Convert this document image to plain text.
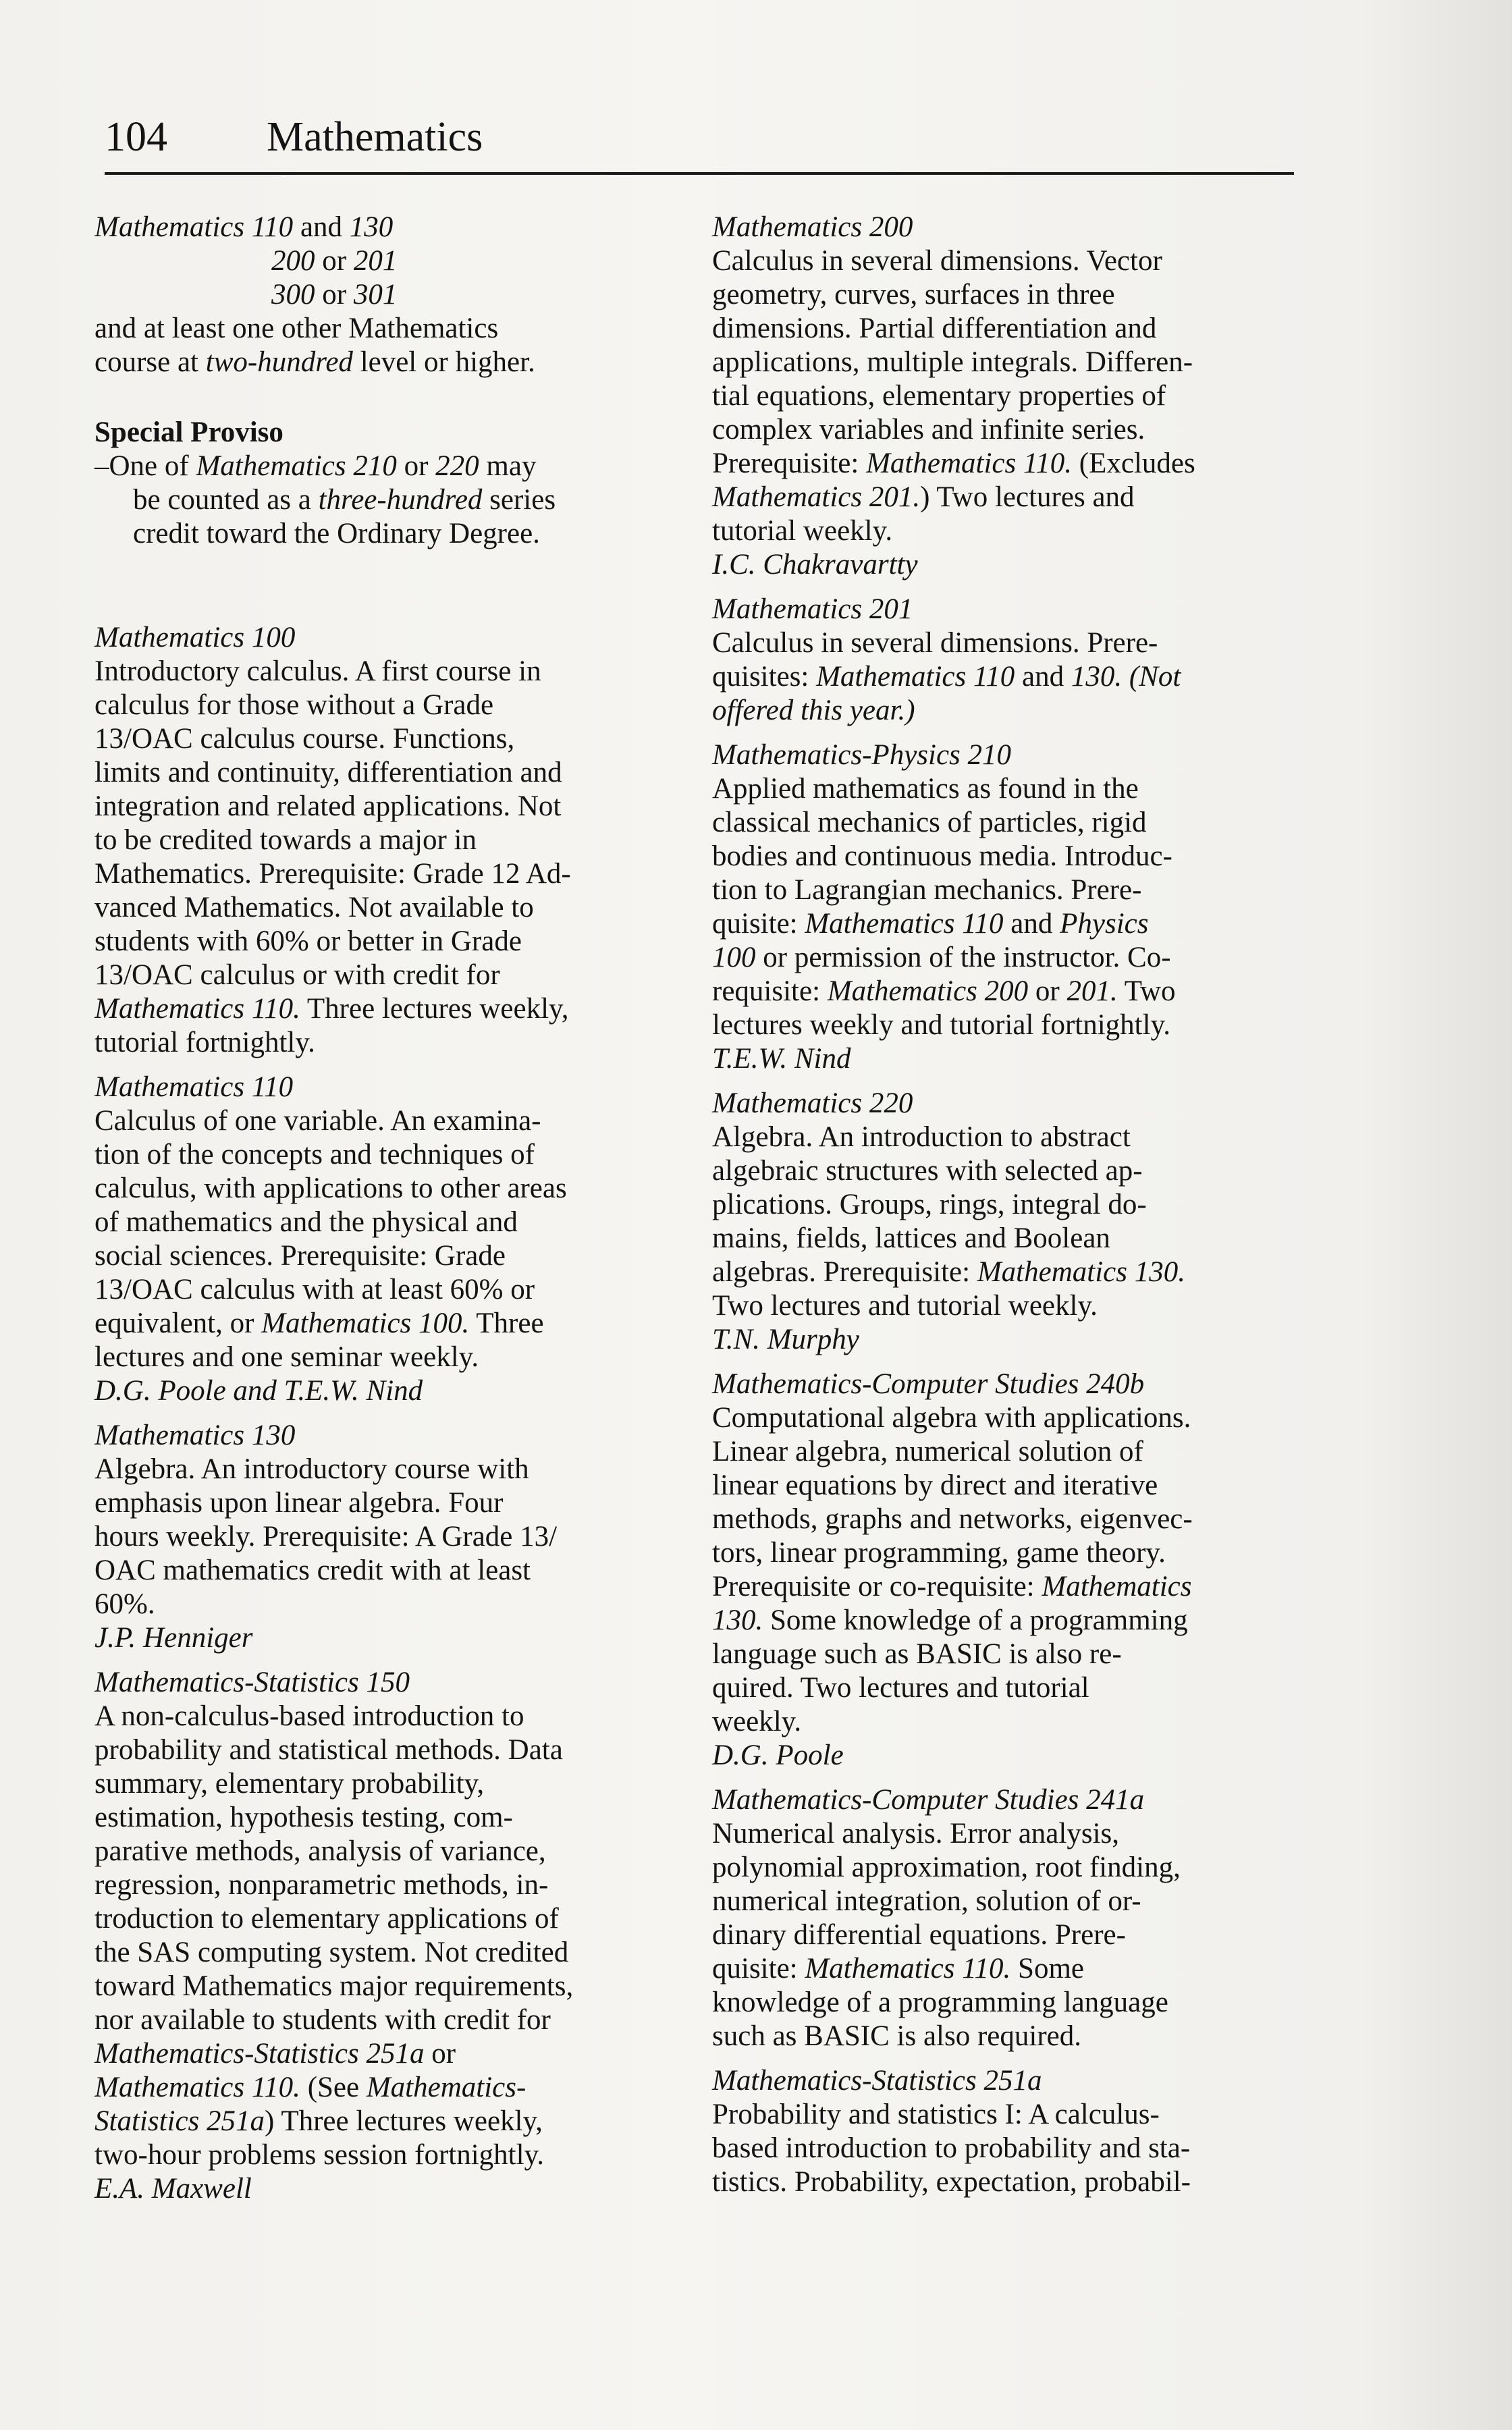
104 Mathematics
Mathematics 110 and 130
200 or 201
300 or 301
and at least one other Mathematics
course at two-hundred level or higher.
Special Proviso
–One of Mathematics 210 or 220 may
be counted as a three-hundred series
credit toward the Ordinary Degree.
Mathematics 100
Introductory calculus. A first course in
calculus for those without a Grade
13/OAC calculus course. Functions,
limits and continuity, differentiation and
integration and related applications. Not
to be credited towards a major in
Mathematics. Prerequisite: Grade 12 Ad-
vanced Mathematics. Not available to
students with 60% or better in Grade
13/OAC calculus or with credit for
Mathematics 110. Three lectures weekly,
tutorial fortnightly.
Mathematics 110
Calculus of one variable. An examina-
tion of the concepts and techniques of
calculus, with applications to other areas
of mathematics and the physical and
social sciences. Prerequisite: Grade
13/OAC calculus with at least 60% or
equivalent, or Mathematics 100. Three
lectures and one seminar weekly.
D.G. Poole and T.E.W. Nind
Mathematics 130
Algebra. An introductory course with
emphasis upon linear algebra. Four
hours weekly. Prerequisite: A Grade 13/
OAC mathematics credit with at least
60%.
J.P. Henniger
Mathematics-Statistics 150
A non-calculus-based introduction to
probability and statistical methods. Data
summary, elementary probability,
estimation, hypothesis testing, com-
parative methods, analysis of variance,
regression, nonparametric methods, in-
troduction to elementary applications of
the SAS computing system. Not credited
toward Mathematics major requirements,
nor available to students with credit for
Mathematics-Statistics 251a or
Mathematics 110. (See Mathematics-
Statistics 251a) Three lectures weekly,
two-hour problems session fortnightly.
E.A. Maxwell
Mathematics 200
Calculus in several dimensions. Vector
geometry, curves, surfaces in three
dimensions. Partial differentiation and
applications, multiple integrals. Differen-
tial equations, elementary properties of
complex variables and infinite series.
Prerequisite: Mathematics 110. (Excludes
Mathematics 201.) Two lectures and
tutorial weekly.
I.C. Chakravartty
Mathematics 201
Calculus in several dimensions. Prere-
quisites: Mathematics 110 and 130. (Not
offered this year.)
Mathematics-Physics 210
Applied mathematics as found in the
classical mechanics of particles, rigid
bodies and continuous media. Introduc-
tion to Lagrangian mechanics. Prere-
quisite: Mathematics 110 and Physics
100 or permission of the instructor. Co-
requisite: Mathematics 200 or 201. Two
lectures weekly and tutorial fortnightly.
T.E.W. Nind
Mathematics 220
Algebra. An introduction to abstract
algebraic structures with selected ap-
plications. Groups, rings, integral do-
mains, fields, lattices and Boolean
algebras. Prerequisite: Mathematics 130.
Two lectures and tutorial weekly.
T.N. Murphy
Mathematics-Computer Studies 240b
Computational algebra with applications.
Linear algebra, numerical solution of
linear equations by direct and iterative
methods, graphs and networks, eigenvec-
tors, linear programming, game theory.
Prerequisite or co-requisite: Mathematics
130. Some knowledge of a programming
language such as BASIC is also re-
quired. Two lectures and tutorial
weekly.
D.G. Poole
Mathematics-Computer Studies 241a
Numerical analysis. Error analysis,
polynomial approximation, root finding,
numerical integration, solution of or-
dinary differential equations. Prere-
quisite: Mathematics 110. Some
knowledge of a programming language
such as BASIC is also required.
Mathematics-Statistics 251a
Probability and statistics I: A calculus-
based introduction to probability and sta-
tistics. Probability, expectation, probabil-
